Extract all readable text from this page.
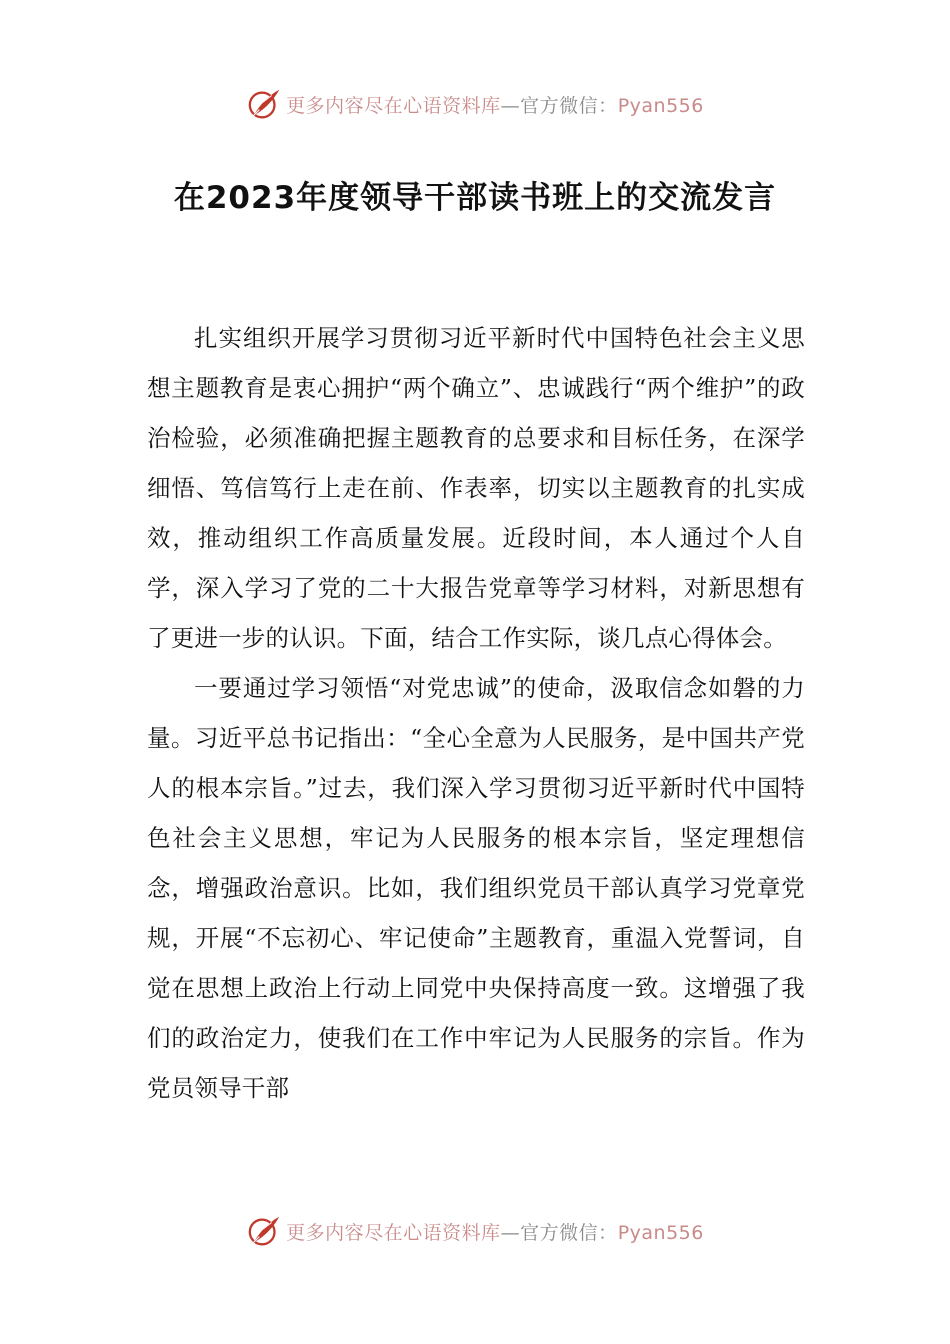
更多内容尽在心语资料库—官方微信：Pyan556
在2023年度领导干部读书班上的交流发言

扎实组织开展学习贯彻习近平新时代中国特色社会主义思想主题教育是衷心拥护“两个确立”、忠诚践行“两个维护”的政治检验，必须准确把握主题教育的总要求和目标任务，在深学细悟、笃信笃行上走在前、作表率，切实以主题教育的扎实成效，推动组织工作高质量发展。近段时间，本人通过个人自学，深入学习了党的二十大报告党章等学习材料，对新思想有了更进一步的认识。下面，结合工作实际，谈几点心得体会。

一要通过学习领悟“对党忠诚”的使命，汲取信念如磐的力量。习近平总书记指出：“全心全意为人民服务，是中国共产党人的根本宗旨。”过去，我们深入学习贯彻习近平新时代中国特色社会主义思想，牢记为人民服务的根本宗旨，坚定理想信念，增强政治意识。比如，我们组织党员干部认真学习党章党规，开展“不忘初心、牢记使命”主题教育，重温入党誓词，自觉在思想上政治上行动上同党中央保持高度一致。这增强了我们的政治定力，使我们在工作中牢记为人民服务的宗旨。作为党员领导干部

更多内容尽在心语资料库—官方微信：Pyan556
